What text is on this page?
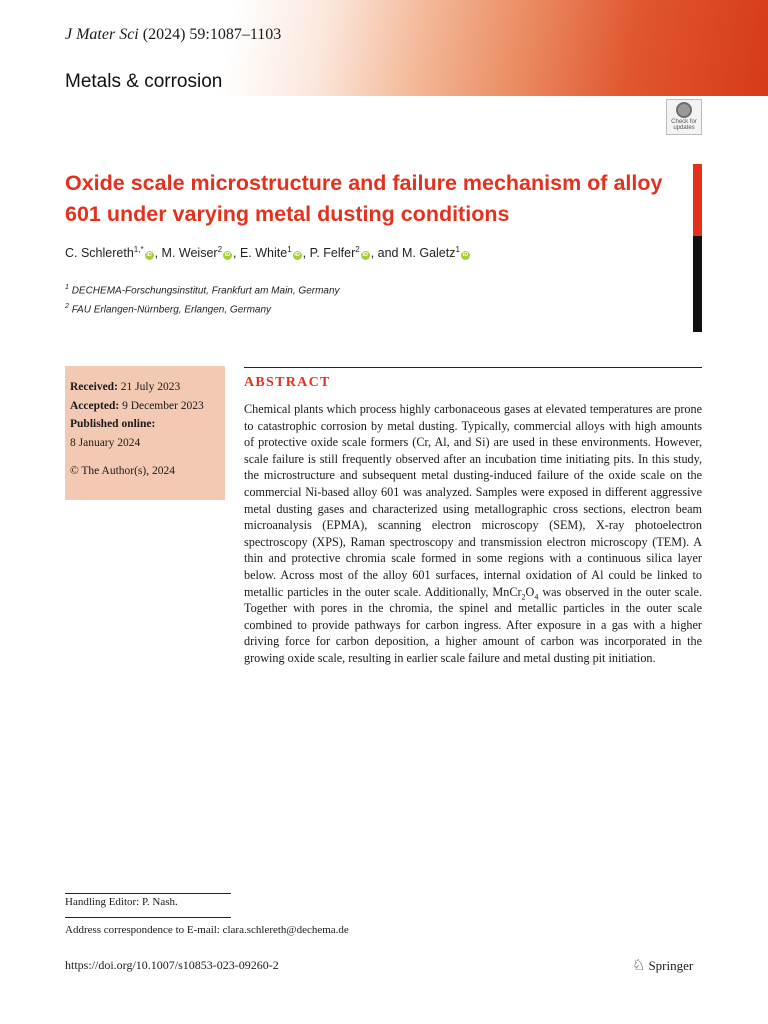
J Mater Sci (2024) 59:1087–1103
Metals & corrosion
Check for updates
Oxide scale microstructure and failure mechanism of alloy 601 under varying metal dusting conditions
C. Schlereth$^{1,*}$iD , M. Weiser$^2$iD , E. White$^1$iD , P. Felfer$^2$iD , and M. Galetz$^1$iD
$^1$ DECHEMA-Forschungsinstitut, Frankfurt am Main, Germany
$^2$ FAU Erlangen-Nürnberg, Erlangen, Germany
Received: 21 July 2023
Accepted: 9 December 2023
Published online:
8 January 2024
© The Author(s), 2024
ABSTRACT
Chemical plants which process highly carbonaceous gases at elevated temperatures are prone to catastrophic corrosion by metal dusting. Typically, commercial alloys with high amounts of protective oxide scale formers (Cr, Al, and Si) are used in these environments. However, scale failure is still frequently observed after an incubation time initiating pits. In this study, the microstructure and subsequent metal dusting-induced failure of the oxide scale on the commercial Ni-based alloy 601 was analyzed. Samples were exposed in different aggressive metal dusting gases and characterized using metallographic cross sections, electron beam microanalysis (EPMA), scanning electron microscopy (SEM), X-ray photoelectron spectroscopy (XPS), Raman spectroscopy and transmission electron microscopy (TEM). A thin and protective chromia scale formed in some regions with a continuous silica layer below. Across most of the alloy 601 surfaces, internal oxidation of Al could be linked to metallic particles in the outer scale. Additionally, $MnCr_2O_4$ was observed in the outer scale. Together with pores in the chromia, the spinel and metallic particles in the outer scale combined to provide pathways for carbon ingress. After exposure in a gas with a higher driving force for carbon deposition, a higher amount of carbon was incorporated in the growing oxide scale, resulting in earlier scale failure and metal dusting pit initiation.
Handling Editor: P. Nash.
Address correspondence to E-mail: clara.schlereth@dechema.de
https://doi.org/10.1007/s10853-023-09260-2	♘ Springer
